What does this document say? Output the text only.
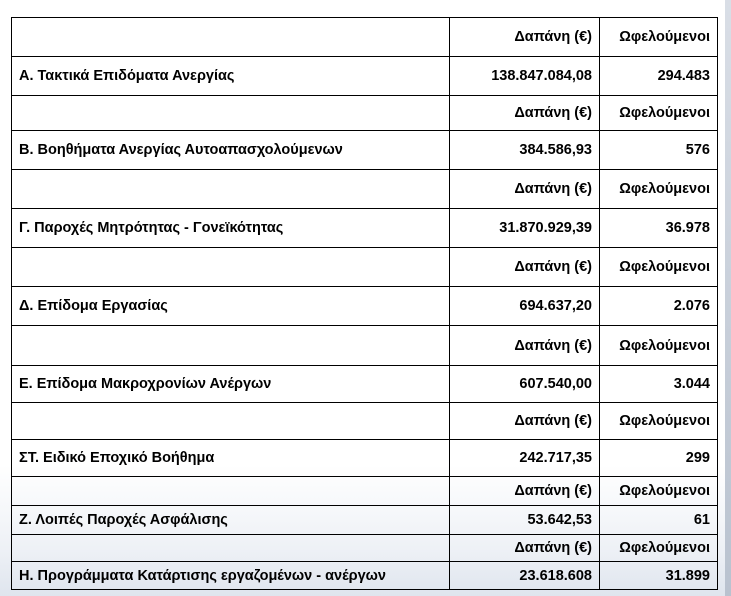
	Δαπάνη (€)	Ωφελούμενοι
Α. Τακτικά Επιδόματα Ανεργίας	138.847.084,08	294.483
	Δαπάνη (€)	Ωφελούμενοι
Β. Βοηθήματα Ανεργίας Αυτοαπασχολούμενων	384.586,93	576
	Δαπάνη (€)	Ωφελούμενοι
Γ. Παροχές Μητρότητας - Γονεϊκότητας	31.870.929,39	36.978
	Δαπάνη (€)	Ωφελούμενοι
Δ. Επίδομα Εργασίας	694.637,20	2.076
	Δαπάνη (€)	Ωφελούμενοι
Ε. Επίδομα Μακροχρονίων Ανέργων	607.540,00	3.044
	Δαπάνη (€)	Ωφελούμενοι
ΣΤ. Ειδικό Εποχικό Βοήθημα	242.717,35	299
	Δαπάνη (€)	Ωφελούμενοι
Ζ. Λοιπές Παροχές Ασφάλισης	53.642,53	61
	Δαπάνη (€)	Ωφελούμενοι
Η. Προγράμματα Κατάρτισης εργαζομένων - ανέργων	23.618.608	31.899
